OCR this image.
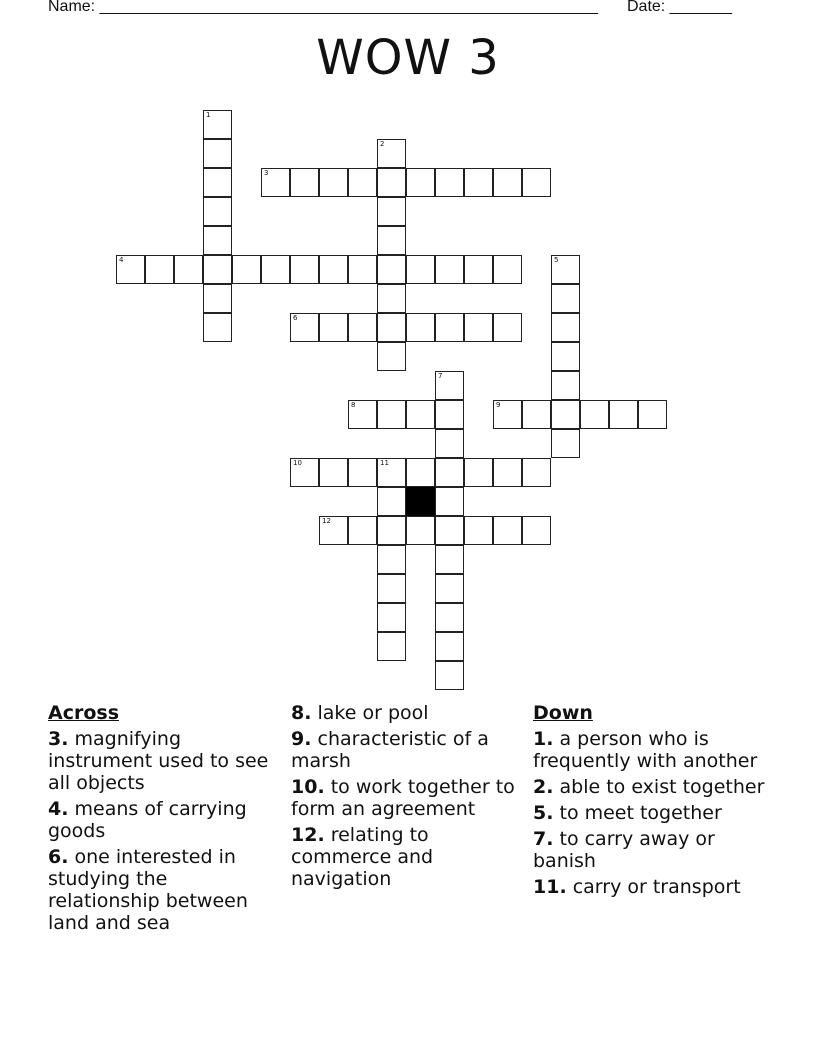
Name: ________________________________________________________ Date: _______
WOW 3
1
2
3
4	5
6
7
8	9
10	11
12
Across
3. magnifying instrument used to see all objects
4. means of carrying goods
6. one interested in studying the relationship between land and sea
8. lake or pool
9. characteristic of a marsh
10. to work together to form an agreement
12. relating to commerce and navigation
Down
1. a person who is frequently with another
2. able to exist together
5. to meet together
7. to carry away or banish
11. carry or transport
